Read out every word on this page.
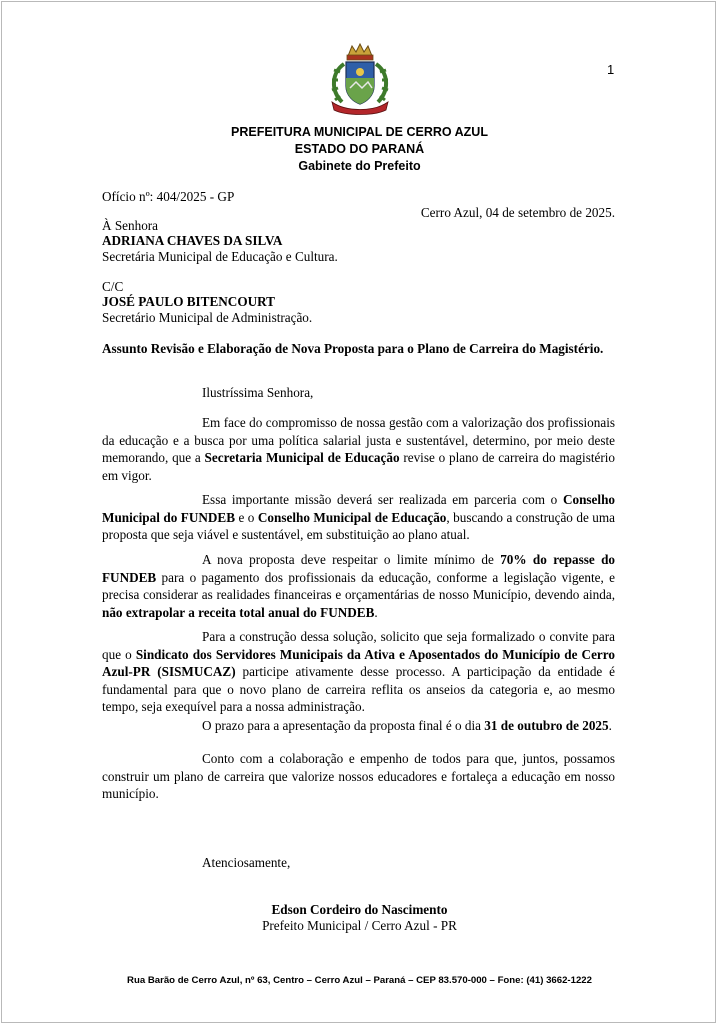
1
PREFEITURA MUNICIPAL DE CERRO AZUL
ESTADO DO PARANÁ
Gabinete do Prefeito
Ofício nº: 404/2025 - GP
Cerro Azul, 04 de setembro de 2025.
À Senhora
ADRIANA CHAVES DA SILVA
Secretária Municipal de Educação e Cultura.
C/C
JOSÉ PAULO BITENCOURT
Secretário Municipal de Administração.
Assunto Revisão e Elaboração de Nova Proposta para o Plano de Carreira do Magistério.
Ilustríssima Senhora,
Em face do compromisso de nossa gestão com a valorização dos profissionais da educação e a busca por uma política salarial justa e sustentável, determino, por meio deste memorando, que a Secretaria Municipal de Educação revise o plano de carreira do magistério em vigor.
Essa importante missão deverá ser realizada em parceria com o Conselho Municipal do FUNDEB e o Conselho Municipal de Educação, buscando a construção de uma proposta que seja viável e sustentável, em substituição ao plano atual.
A nova proposta deve respeitar o limite mínimo de 70% do repasse do FUNDEB para o pagamento dos profissionais da educação, conforme a legislação vigente, e precisa considerar as realidades financeiras e orçamentárias de nosso Município, devendo ainda, não extrapolar a receita total anual do FUNDEB.
Para a construção dessa solução, solicito que seja formalizado o convite para que o Sindicato dos Servidores Municipais da Ativa e Aposentados do Município de Cerro Azul-PR (SISMUCAZ) participe ativamente desse processo. A participação da entidade é fundamental para que o novo plano de carreira reflita os anseios da categoria e, ao mesmo tempo, seja exequível para a nossa administração.
O prazo para a apresentação da proposta final é o dia 31 de outubro de 2025.
Conto com a colaboração e empenho de todos para que, juntos, possamos construir um plano de carreira que valorize nossos educadores e fortaleça a educação em nosso município.
Atenciosamente,
Edson Cordeiro do Nascimento
Prefeito Municipal / Cerro Azul - PR
Rua Barão de Cerro Azul, nº 63, Centro – Cerro Azul – Paraná – CEP 83.570-000 – Fone: (41) 3662-1222
